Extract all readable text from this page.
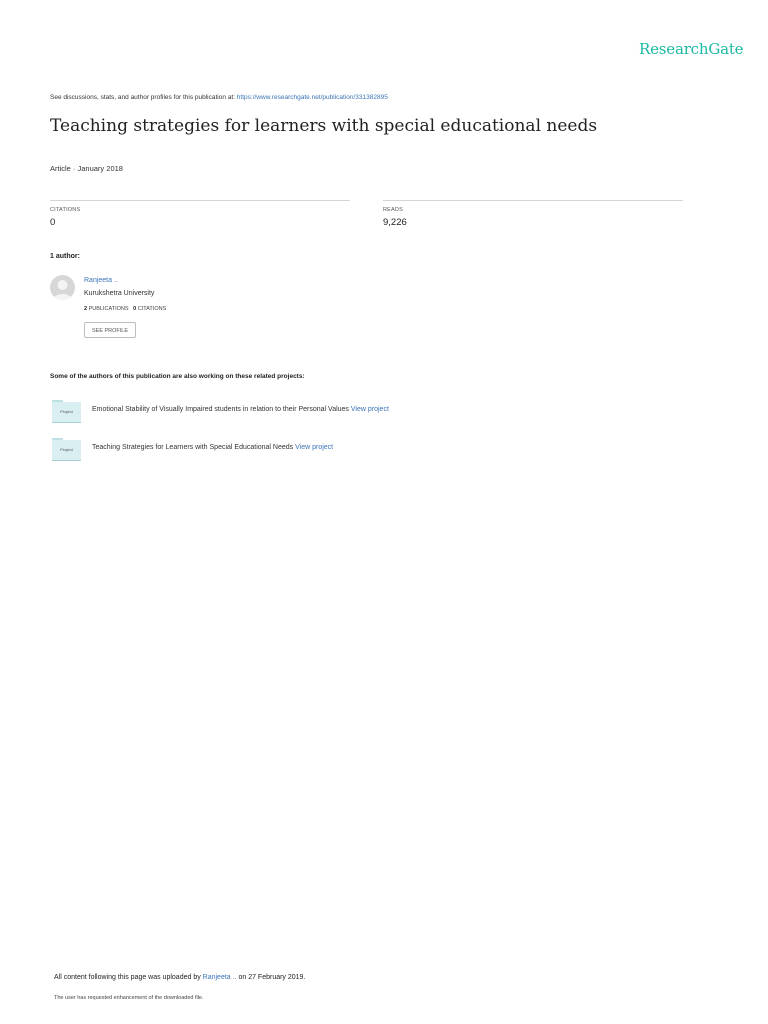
ResearchGate
See discussions, stats, and author profiles for this publication at: https://www.researchgate.net/publication/331382895
Teaching strategies for learners with special educational needs
Article · January 2018
CITATIONS
0
READS
9,226
1 author:
Ranjeeta ..
Kurukshetra University
2 PUBLICATIONS 0 CITATIONS
SEE PROFILE
Some of the authors of this publication are also working on these related projects:
Project	Emotional Stability of Visually Impaired students in relation to their Personal Values View project
Project	Teaching Strategies for Learners with Special Educational Needs View project
All content following this page was uploaded by Ranjeeta .. on 27 February 2019.
The user has requested enhancement of the downloaded file.
